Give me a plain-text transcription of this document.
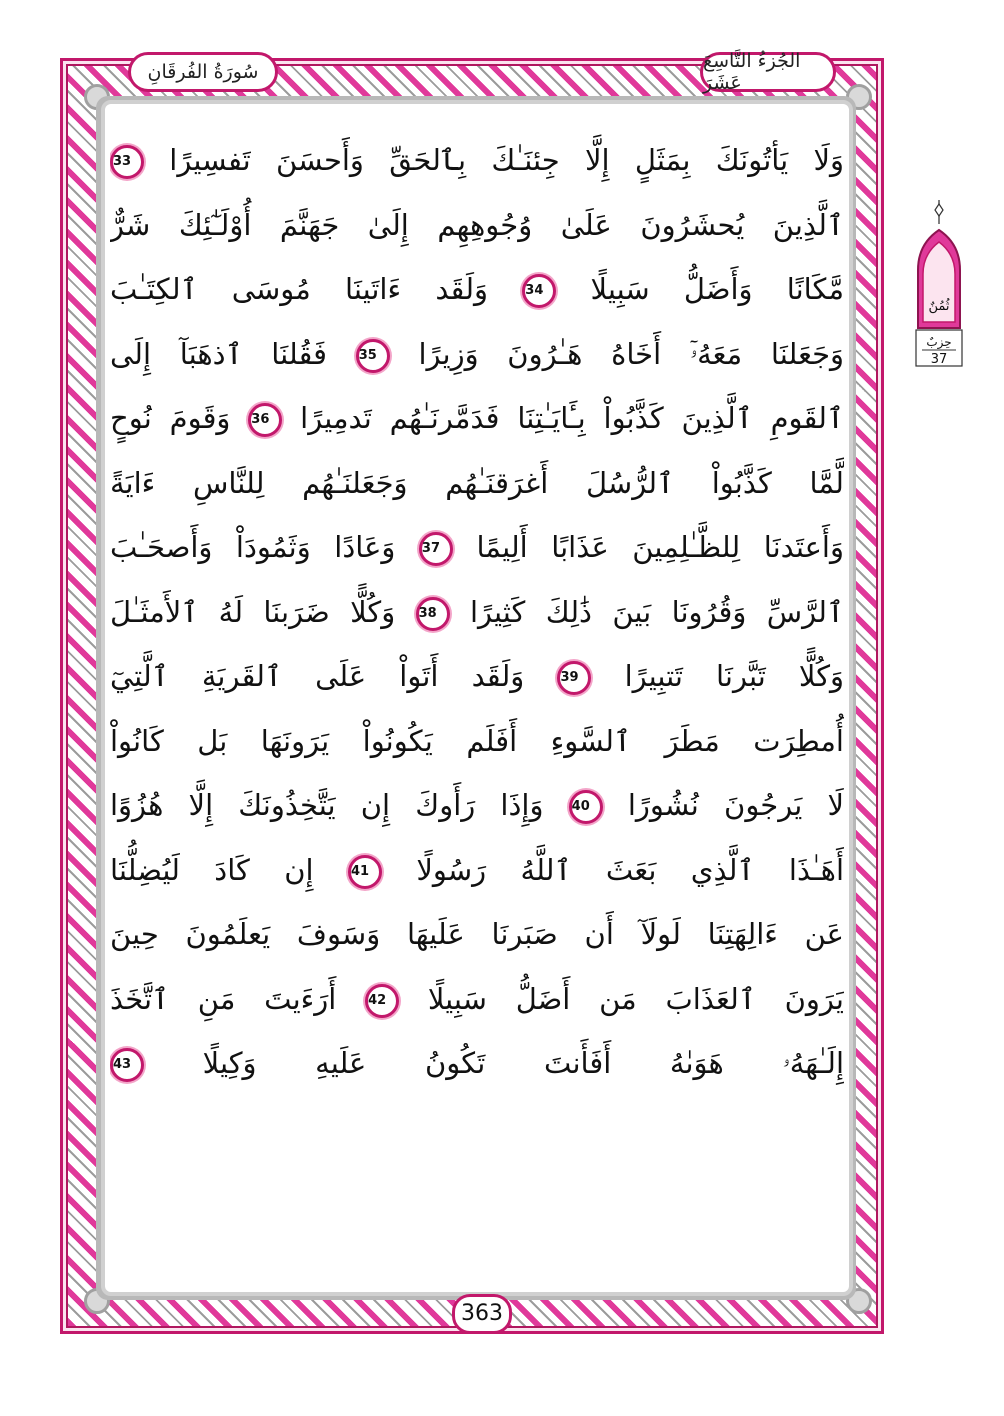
سُورَةُ الفُرقَانِ	الجُزءُ التَّاسِعَ عَشَرَ
وَلَا يَأتُونَكَ بِمَثَلٍ إِلَّا جِئنَـٰكَ بِٱلحَقِّ وَأَحسَنَ تَفسِيرًا 33
ٱلَّذِينَ يُحشَرُونَ عَلَىٰ وُجُوهِهِم إِلَىٰ جَهَنَّمَ أُوْلَـٰٓئِكَ شَرٌّ
مَّكَانًا وَأَضَلُّ سَبِيلًا 34 وَلَقَد ءَاتَينَا مُوسَى ٱلكِتَـٰبَ
وَجَعَلنَا مَعَهُۥٓ أَخَاهُ هَـٰرُونَ وَزِيرًا 35 فَقُلنَا ٱذهَبَآ إِلَى
ٱلقَومِ ٱلَّذِينَ كَذَّبُواْ بِـَٔايَـٰتِنَا فَدَمَّرنَـٰهُم تَدمِيرًا 36 وَقَومَ نُوحٍ
لَّمَّا كَذَّبُواْ ٱلرُّسُلَ أَغرَقنَـٰهُم وَجَعَلنَـٰهُم لِلنَّاسِ ءَايَةً
وَأَعتَدنَا لِلظَّـٰلِمِينَ عَذَابًا أَلِيمًا 37 وَعَادًا وَثَمُودَاْ وَأَصحَـٰبَ
ٱلرَّسِّ وَقُرُونَا بَينَ ذَٰلِكَ كَثِيرًا 38 وَكُلًّا ضَرَبنَا لَهُ ٱلأَمثَـٰلَ
وَكُلًّا تَبَّرنَا تَتبِيرًا 39 وَلَقَد أَتَواْ عَلَى ٱلقَريَةِ ٱلَّتِيٓ
أُمطِرَت مَطَرَ ٱلسَّوءِ أَفَلَم يَكُونُواْ يَرَونَهَا بَل كَانُواْ
لَا يَرجُونَ نُشُورًا 40 وَإِذَا رَأَوكَ إِن يَتَّخِذُونَكَ إِلَّا هُزُوًا
أَهَـٰذَا ٱلَّذِي بَعَثَ ٱللَّهُ رَسُولًا 41 إِن كَادَ لَيُضِلُّنَا
عَن ءَالِهَتِنَا لَولَآ أَن صَبَرنَا عَلَيهَا وَسَوفَ يَعلَمُونَ حِينَ
يَرَونَ ٱلعَذَابَ مَن أَضَلُّ سَبِيلًا 42 أَرَءَيتَ مَنِ ٱتَّخَذَ
إِلَـٰهَهُۥ هَوَىٰهُ أَفَأَنتَ تَكُونُ عَلَيهِ وَكِيلًا 43
363
ثُمُنٌ
حِزبٌ
37
